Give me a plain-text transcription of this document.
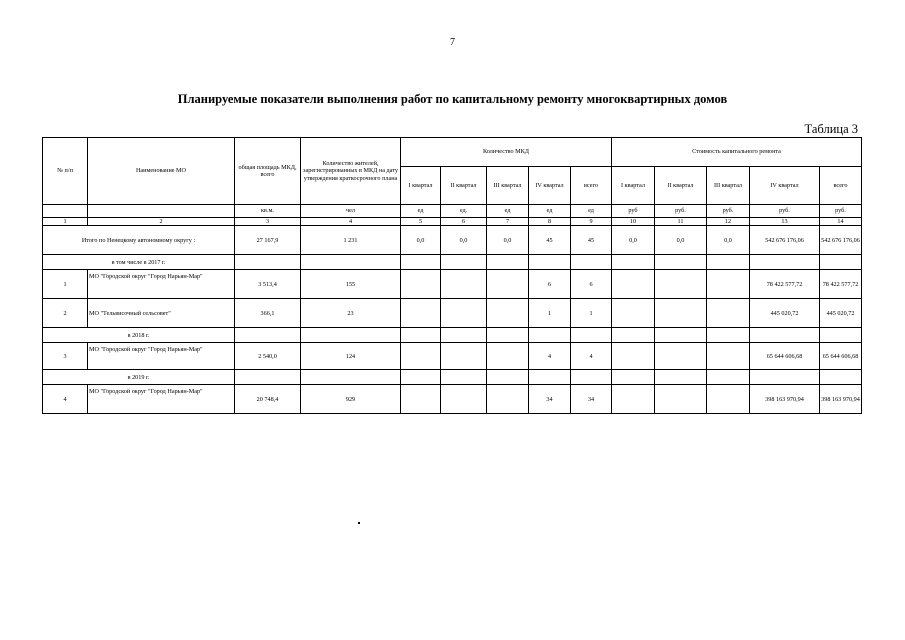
7
Планируемые показатели выполнения работ по капитальному ремонту многоквартирных домов
Таблица 3
№ п/п	Наименование МО	общая площадь МКД, всего	Количество жителей, зарегистрированных в МКД на дату утверждения краткосрочного плана	Количество МКД					Стоимость капитального ремонта				
				I квартал	II квартал	III квартал	IV квартал	всего	I квартал	II квартал	III квартал	IV квартал	всего
		кв.м.	чел	ед	ед.	ед	ед	ед	руб	руб.	руб.	руб.	руб.
1	2	3	4	5	6	7	8	9	10	11	12	13	14
Итого по Ненецкому автономному округу :		27 167,9	1 231	0,0	0,0	0,0	45	45	0,0	0,0	0,0	542 676 176,06	542 676 176,06
в том числе в 2017 г.													
1	МО "Городской округ "Город Нарьян-Мар"	3 513,4	155				6	6				78 422 577,72	78 422 577,72
2	МО "Тельвисочный сельсовет"	366,1	23				1	1				445 020,72	445 020,72
в 2018 г.													
3	МО "Городской округ "Город Нарьян-Мар"	2 540,0	124				4	4				65 644 606,68	65 644 606,68
в 2019 г.													
4	МО "Городской округ "Город Нарьян-Мар"	20 748,4	929				34	34				398 163 970,94	398 163 970,94
